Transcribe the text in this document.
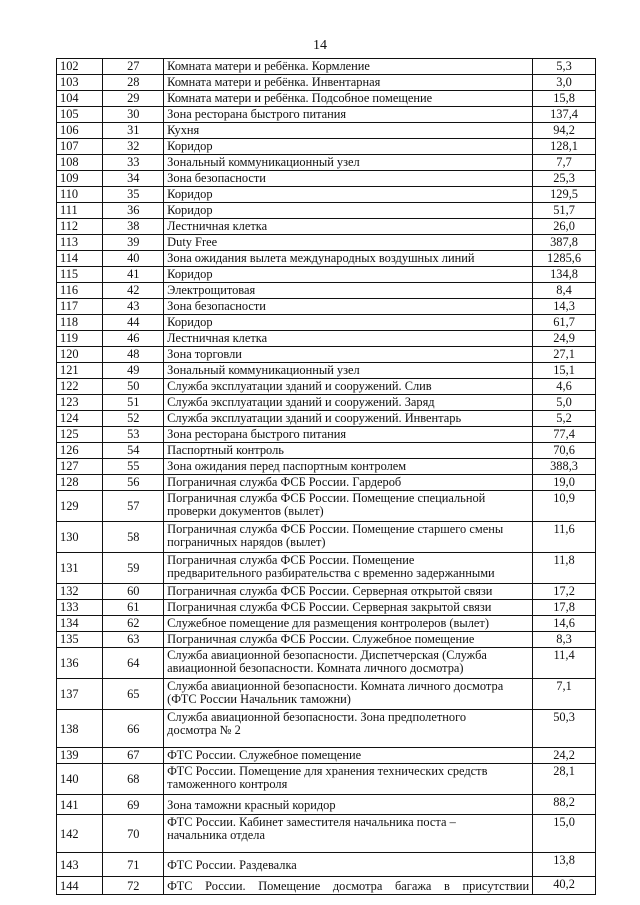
14
102	27	Комната матери и ребёнка. Кормление	5,3
103	28	Комната матери и ребёнка. Инвентарная	3,0
104	29	Комната матери и ребёнка. Подсобное помещение	15,8
105	30	Зона ресторана быстрого питания	137,4
106	31	Кухня	94,2
107	32	Коридор	128,1
108	33	Зональный коммуникационный узел	7,7
109	34	Зона безопасности	25,3
110	35	Коридор	129,5
111	36	Коридор	51,7
112	38	Лестничная клетка	26,0
113	39	Duty Free	387,8
114	40	Зона ожидания вылета международных воздушных линий	1285,6
115	41	Коридор	134,8
116	42	Электрощитовая	8,4
117	43	Зона безопасности	14,3
118	44	Коридор	61,7
119	46	Лестничная клетка	24,9
120	48	Зона торговли	27,1
121	49	Зональный коммуникационный узел	15,1
122	50	Служба эксплуатации зданий и сооружений. Слив	4,6
123	51	Служба эксплуатации зданий и сооружений. Заряд	5,0
124	52	Служба эксплуатации зданий и сооружений. Инвентарь	5,2
125	53	Зона ресторана быстрого питания	77,4
126	54	Паспортный контроль	70,6
127	55	Зона ожидания перед паспортным контролем	388,3
128	56	Пограничная служба ФСБ России. Гардероб	19,0
129	57	Пограничная служба ФСБ России. Помещение специальной
проверки документов (вылет)	10,9
130	58	Пограничная служба ФСБ России. Помещение старшего смены
пограничных нарядов (вылет)	11,6
131	59	Пограничная служба ФСБ России. Помещение
предварительного разбирательства с временно задержанными	11,8
132	60	Пограничная служба ФСБ России. Серверная открытой связи	17,2
133	61	Пограничная служба ФСБ России. Серверная закрытой связи	17,8
134	62	Служебное помещение для размещения контролеров (вылет)	14,6
135	63	Пограничная служба ФСБ России. Служебное помещение	8,3
136	64	Служба авиационной безопасности. Диспетчерская (Служба
авиационной безопасности. Комната личного досмотра)	11,4
137	65	Служба авиационной безопасности. Комната личного досмотра
(ФТС России Начальник таможни)	7,1
138	66	Служба авиационной безопасности. Зона предполетного
досмотра № 2	50,3
139	67	ФТС России. Служебное помещение	24,2
140	68	ФТС России. Помещение для хранения технических средств
таможенного контроля	28,1
141	69	Зона таможни красный коридор	88,2
142	70	ФТС России. Кабинет заместителя начальника поста –
начальника отдела	15,0
143	71	ФТС России. Раздевалка	13,8
144	72	ФТС России. Помещение досмотра багажа в присутствии	40,2
